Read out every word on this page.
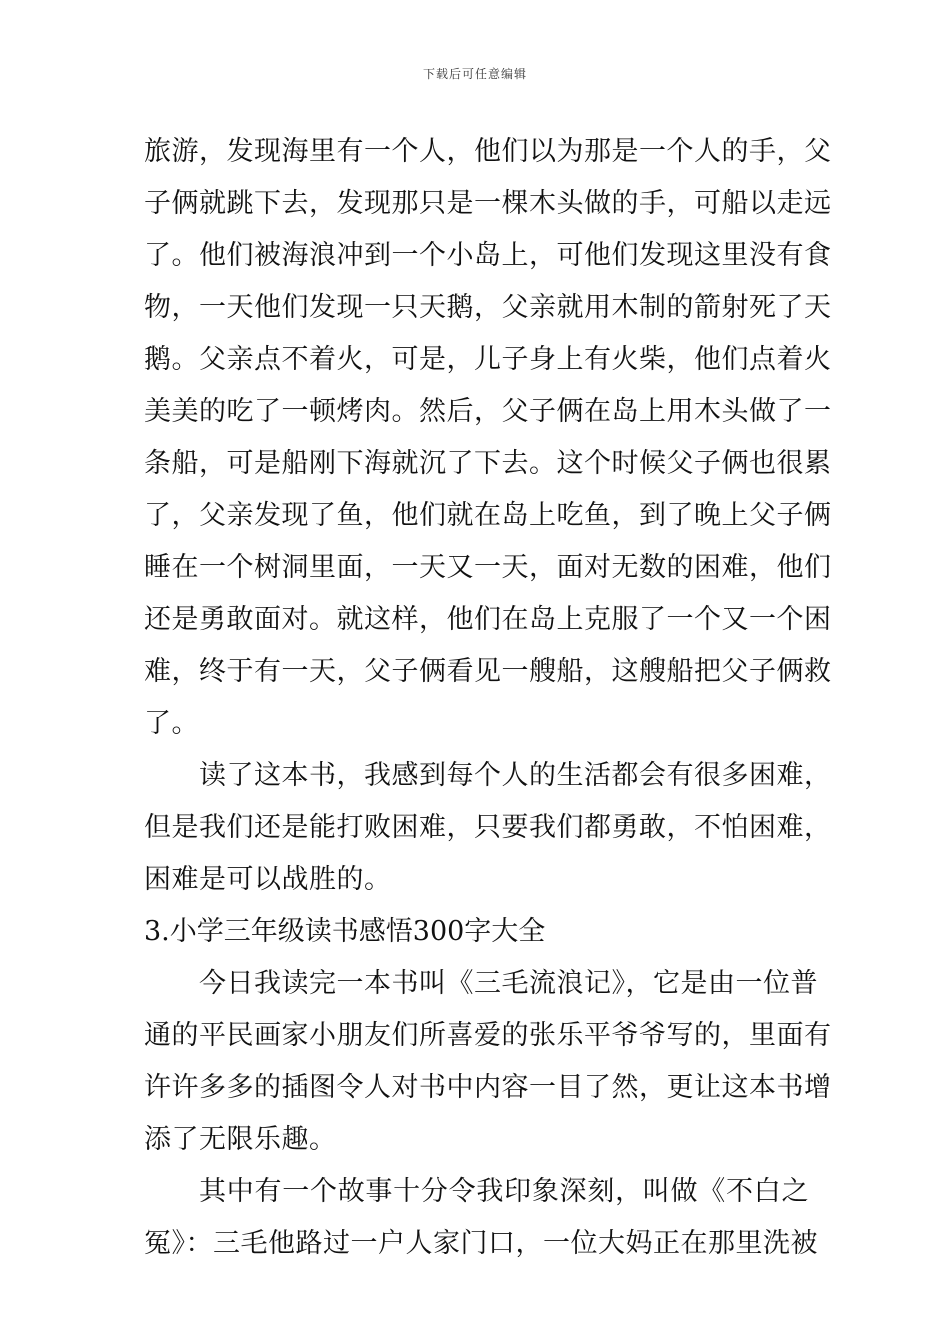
下载后可任意编辑
旅游，发现海里有一个人，他们以为那是一个人的手，父
子俩就跳下去，发现那只是一棵木头做的手，可船以走远
了。他们被海浪冲到一个小岛上，可他们发现这里没有食
物，一天他们发现一只天鹅，父亲就用木制的箭射死了天
鹅。父亲点不着火，可是，儿子身上有火柴，他们点着火
美美的吃了一顿烤肉。然后，父子俩在岛上用木头做了一
条船，可是船刚下海就沉了下去。这个时候父子俩也很累
了，父亲发现了鱼，他们就在岛上吃鱼，到了晚上父子俩
睡在一个树洞里面，一天又一天，面对无数的困难，他们
还是勇敢面对。就这样，他们在岛上克服了一个又一个困
难，终于有一天，父子俩看见一艘船，这艘船把父子俩救
了。
读了这本书，我感到每个人的生活都会有很多困难，
但是我们还是能打败困难，只要我们都勇敢，不怕困难，
困难是可以战胜的。
3.小学三年级读书感悟300字大全
今日我读完一本书叫《三毛流浪记》，它是由一位普
通的平民画家小朋友们所喜爱的张乐平爷爷写的，里面有
许许多多的插图令人对书中内容一目了然，更让这本书增
添了无限乐趣。
其中有一个故事十分令我印象深刻，叫做《不白之
冤》：三毛他路过一户人家门口，一位大妈正在那里洗被
